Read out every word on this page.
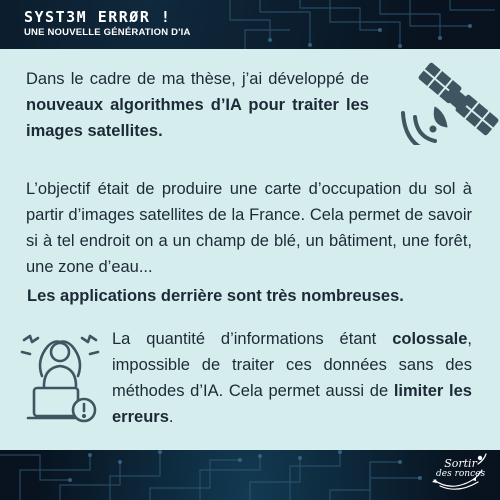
SYST3M ERRØR !
UNE NOUVELLE GÉNÉRATION D'IA
Dans le cadre de ma thèse, j’ai développé de nouveaux algorithmes d’IA pour traiter les images satellites.
L’objectif était de produire une carte d’occupation du sol à partir d’images satellites de la France. Cela permet de savoir si à tel endroit on a un champ de blé, un bâtiment, une forêt, une zone d’eau...
Les applications derrière sont très nombreuses.
La quantité d’informations étant colossale, impossible de traiter ces données sans des méthodes d’IA. Cela permet aussi de limiter les erreurs.
Sortir
des ronces
